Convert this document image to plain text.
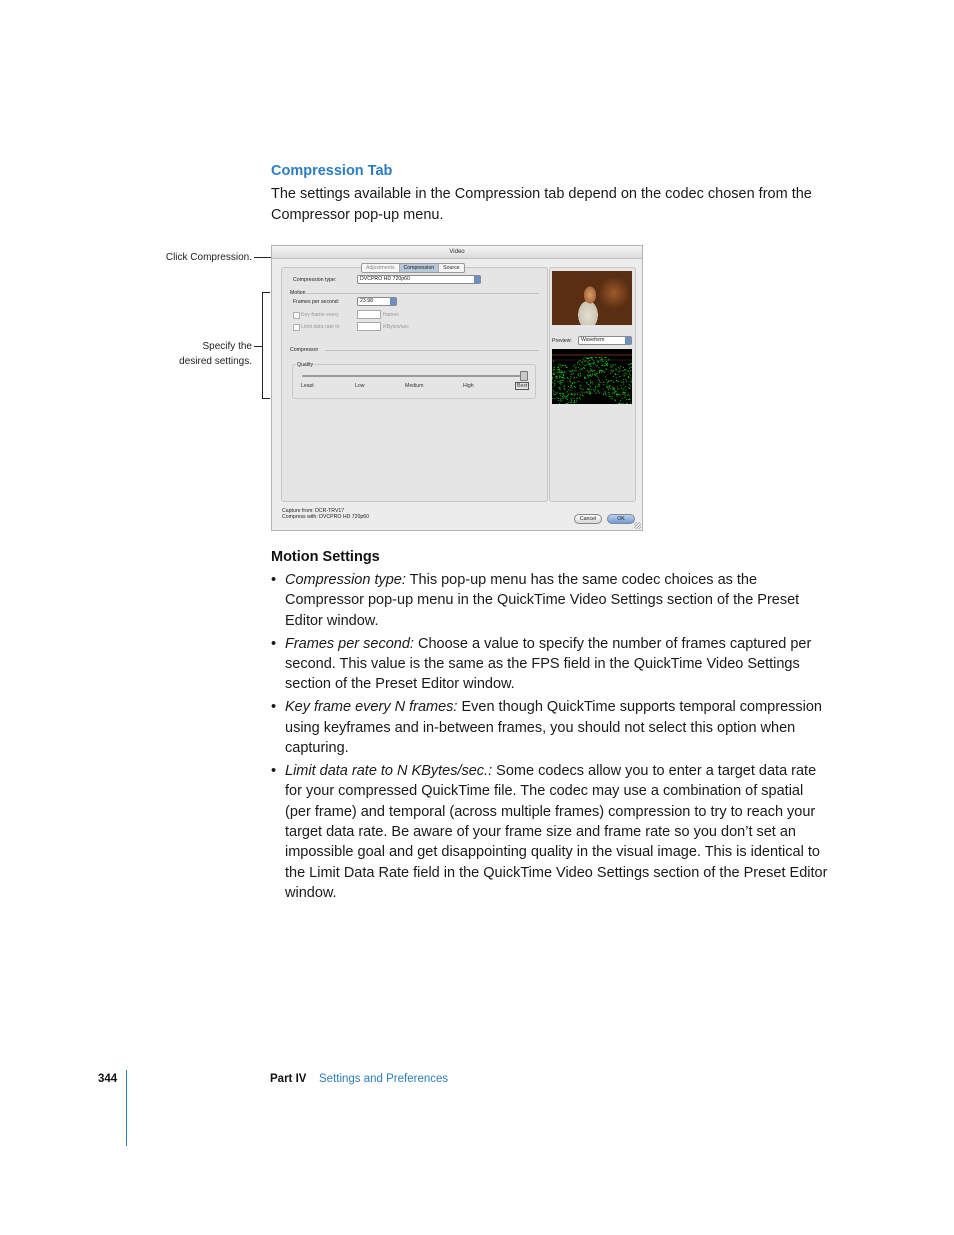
Compression Tab
The settings available in the Compression tab depend on the codec chosen from the Compressor pop-up menu.
Click Compression.
Specify the
desired settings.
Video
Adjustments	Compression	Source
Compression type:	DVCPRO HD 720p60
Motion
Frames per second:	23.98
Key frame every	frames
Limit data rate to	KBytes/sec
Compressor
Quality
Least	Low	Medium	High	Best
Preview:	Waveform
Capture from: DCR-TRV17
Compress with: DVCPRO HD 720p60	Cancel	OK
Motion Settings
• Compression type: This pop-up menu has the same codec choices as the Compressor pop-up menu in the QuickTime Video Settings section of the Preset Editor window.
• Frames per second: Choose a value to specify the number of frames captured per second. This value is the same as the FPS field in the QuickTime Video Settings section of the Preset Editor window.
• Key frame every N frames: Even though QuickTime supports temporal compression using keyframes and in-between frames, you should not select this option when capturing.
• Limit data rate to N KBytes/sec.: Some codecs allow you to enter a target data rate for your compressed QuickTime file. The codec may use a combination of spatial (per frame) and temporal (across multiple frames) compression to try to reach your target data rate. Be aware of your frame size and frame rate so you don’t set an impossible goal and get disappointing quality in the visual image. This is identical to the Limit Data Rate field in the QuickTime Video Settings section of the Preset Editor window.
344	Part IV Settings and Preferences
